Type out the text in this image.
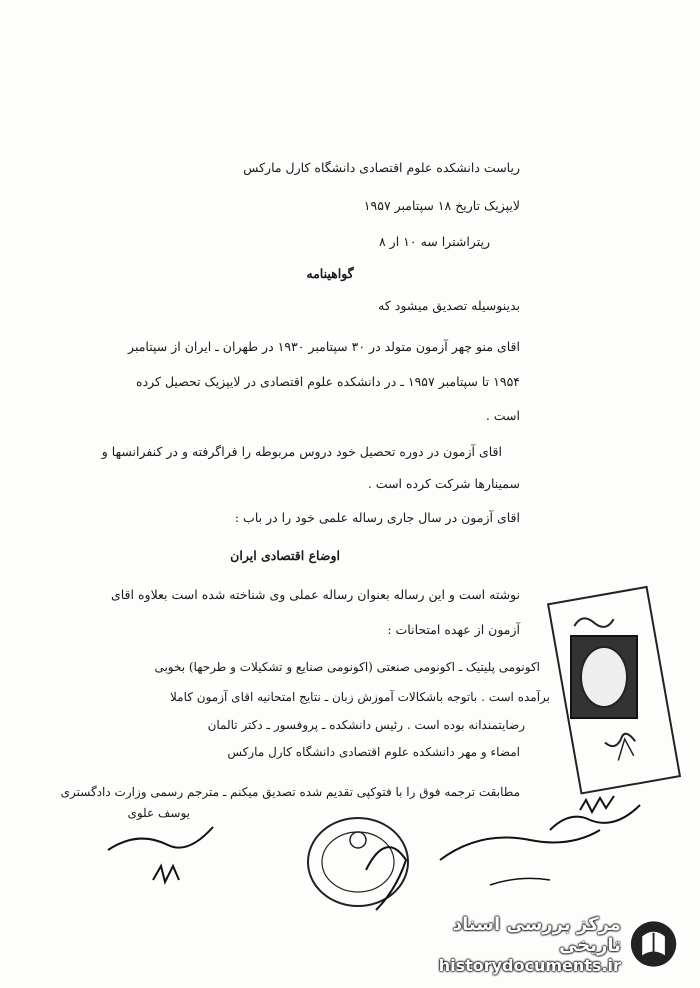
ریاست دانشکده علوم اقتصادی دانشگاه کارل مارکس
لایپزیک تاریخ ۱۸ سپتامبر ۱۹۵۷
رپتراشترا سه ۱۰ ار ۸
گواهینامه
بدینوسیله تصدیق میشود که
اقای منو چهر آزمون متولد در ۳۰ سپتامبر ۱۹۳۰ در طهران ـ ایران از سپتامبر
۱۹۵۴ تا سپتامبر ۱۹۵۷ ـ در دانشکده علوم اقتصادی در لایپزیک تحصیل کرده
است .
اقای آزمون در دوره تحصیل خود دروس مربوطه را فراگرفته و در کنفرانسها و
سمینارها شرکت کرده است .
اقای آزمون در سال جاری رساله علمی خود را در باب :
اوضاع اقتصادی ایران
نوشته است و این رساله بعنوان رساله عملی وی شناخته شده است بعلاوه اقای
آزمون از عهده امتحانات :
اکونومی پلیتیک ـ اکونومی صنعتی (اکونومی صنایع و تشکیلات و طرحها) بخوبی
برآمده است . باتوجه باشکالات آموزش زبان ـ نتایج امتحانیه اقای آزمون کاملا
رضایتمندانه بوده است . رئیس دانشکده ـ پروفسور ـ دکتر تالمان
امضاء و مهر دانشکده علوم اقتصادی دانشگاه کارل مارکس
مطابقت ترجمه فوق را با فتوکپی تقدیم شده تصدیق میکنم ـ مترجم رسمی وزارت دادگستری
یوسف علوی
مرکز بررسی اسناد تاریخی
historydocuments.ir
